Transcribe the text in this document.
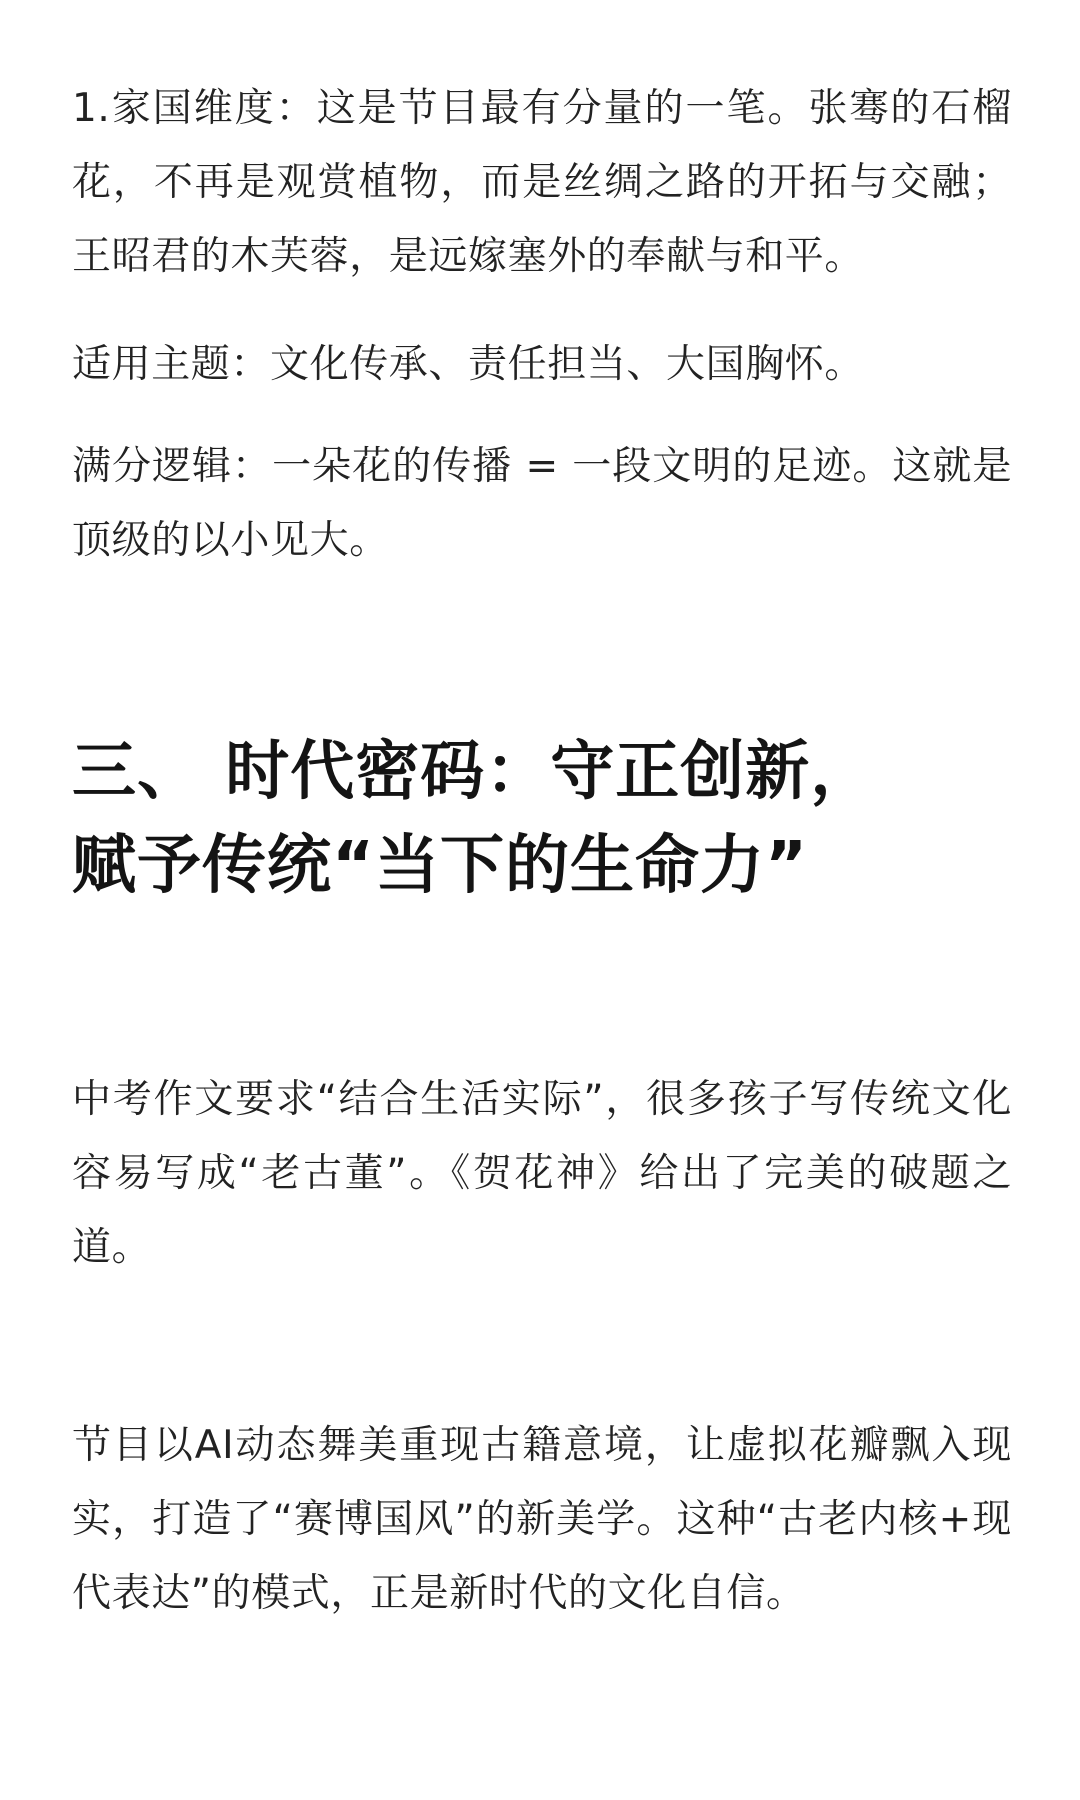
1.家国维度：这是节目最有分量的一笔。张骞的石榴花，不再是观赏植物，而是丝绸之路的开拓与交融；王昭君的木芙蓉，是远嫁塞外的奉献与和平。

适用主题：文化传承、责任担当、大国胸怀。

满分逻辑：一朵花的传播 = 一段文明的足迹。这就是顶级的以小见大。

三、 时代密码：守正创新，
赋予传统“当下的生命力”

中考作文要求“结合生活实际”，很多孩子写传统文化容易写成“老古董”。《贺花神》给出了完美的破题之道。

节目以AI动态舞美重现古籍意境，让虚拟花瓣飘入现实，打造了“赛博国风”的新美学。这种“古老内核+现代表达”的模式，正是新时代的文化自信。
